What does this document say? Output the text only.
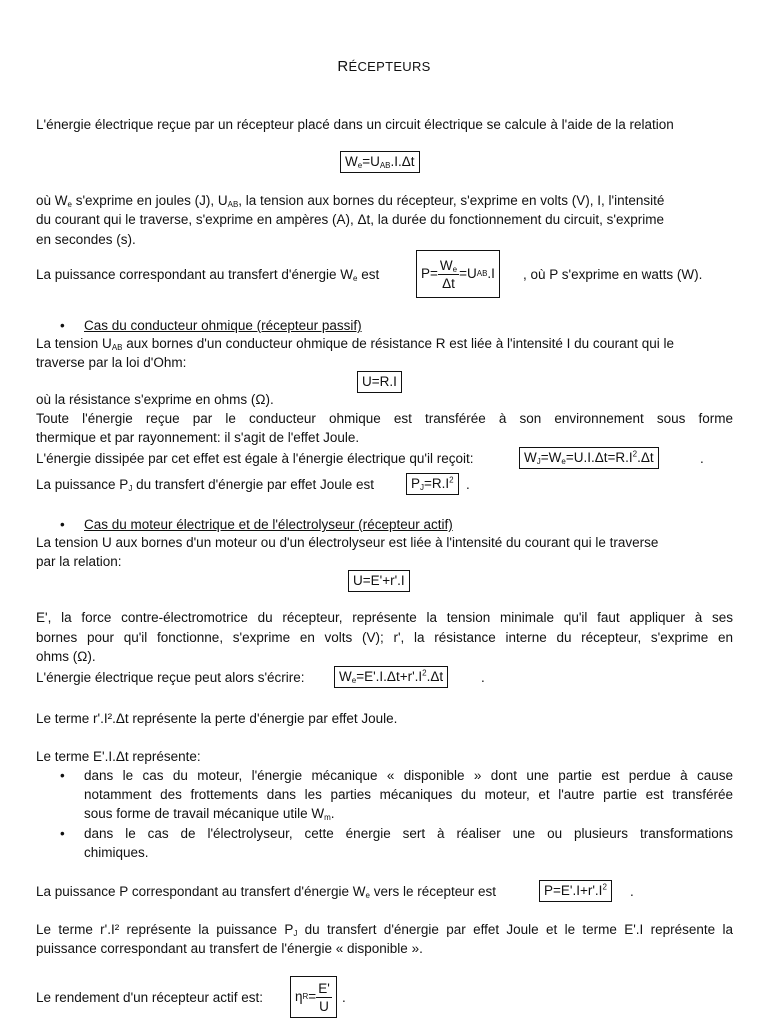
RÉCEPTEURS
L'énergie électrique reçue par un récepteur placé dans un circuit électrique se calcule à l'aide de la relation
$W_e=U_{AB}.I.\Delta t$
où $W_e$ s'exprime en joules (J), $U_{AB}$, la tension aux bornes du récepteur, s'exprime en volts (V), I, l'intensité
du courant qui le traverse, s'exprime en ampères (A), Δt, la durée du fonctionnement du circuit, s'exprime
en secondes (s).
La puissance correspondant au transfert d'énergie $W_e$ est	$P= \frac{W_e}{\Delta t} =U$ AB .I , où P s'exprime en watts (W).
• Cas du conducteur ohmique (récepteur passif)
La tension $U_{AB}$ aux bornes d'un conducteur ohmique de résistance R est liée à l'intensité I du courant qui le
traverse par la loi d'Ohm:
U=R.I
où la résistance s'exprime en ohms (Ω).
Toute l'énergie reçue par le conducteur ohmique est transférée à son environnement sous forme
thermique et par rayonnement: il s'agit de l'effet Joule.
L'énergie dissipée par cet effet est égale à l'énergie électrique qu'il reçoit:	$W_J=W_e=U.I.\Delta t=R.I^2.\Delta t$	.
La puissance $P_J$ du transfert d'énergie par effet Joule est	$P_J=R.I^2$ .
• Cas du moteur électrique et de l'électrolyseur (récepteur actif)
La tension U aux bornes d'un moteur ou d'un électrolyseur est liée à l'intensité du courant qui le traverse
par la relation:
U=E'+r'.I
E', la force contre-électromotrice du récepteur, représente la tension minimale qu'il faut appliquer à ses
bornes pour qu'il fonctionne, s'exprime en volts (V); r', la résistance interne du récepteur, s'exprime en
ohms (Ω).
L'énergie électrique reçue peut alors s'écrire:	$W_e=E'.I.\Delta t+r'.I^2.\Delta t$	.
Le terme r'.I².Δt représente la perte d'énergie par effet Joule.
Le terme E'.I.Δt représente:
• dans le cas du moteur, l'énergie mécanique « disponible » dont une partie est perdue à cause
notamment des frottements dans les parties mécaniques du moteur, et l'autre partie est transférée
sous forme de travail mécanique utile $W_m$.
• dans le cas de l'électrolyseur, cette énergie sert à réaliser une ou plusieurs transformations
chimiques.
La puissance P correspondant au transfert d'énergie $W_e$ vers le récepteur est	$P=E'.I+r'.I^2$	.
Le terme r'.I² représente la puissance $P_J$ du transfert d'énergie par effet Joule et le terme E'.I représente la
puissance correspondant au transfert de l'énergie « disponible ».
Le rendement d'un récepteur actif est: η $R = \frac{E'}{U}$ .
